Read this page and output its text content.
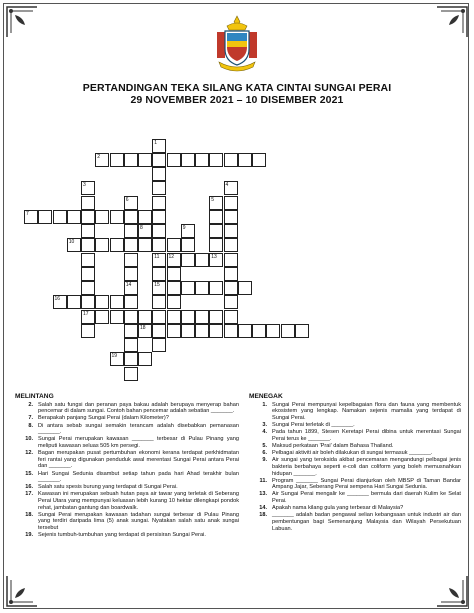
PERTANDINGAN TEKA SILANG KATA CINTAI SUNGAI PERAI
29 NOVEMBER 2021 – 10 DISEMBER 2021
2
7
8
10
11 12	13
14	15
16
17
18
19
1
3	4
5
6
9
MELINTANG
2. Salah satu fungsi dan peranan paya bakau adalah berupaya menyerap bahan pencemar di dalam sungai. Contoh bahan pencemar adalah sebatian _______.
7. Berapakah panjang Sungai Perai (dalam Kilometer)?
8. Di antara sebab sungai semakin terancam adalah disebabkan pemanasan _______.
10. Sungai Perai merupakan kawasan _______ terbesar di Pulau Pinang yang meliputi kawasan seluas 505 km persegi.
12. Bagan merupakan pusat pertumbuhan ekonomi kerana terdapat perkhidmatan feri rantai yang digunakan penduduk awal merentasi Sungai Perai antara Perai dan _______.
15. Hari Sungai Sedunia disambut setiap tahun pada hari Ahad terakhir bulan _______.
16. Salah satu spesis burung yang terdapat di Sungai Perai.
17. Kawasan ini merupakan sebuah hutan paya air tawar yang terletak di Seberang Perai Utara yang mempunyai keluasan lebih kurang 10 hektar dilengkapi pondok rehat, jambatan gantung dan boardwalk.
18. Sungai Perai merupakan kawasan tadahan sungai terbesar di Pulau Pinang yang terdiri daripada lima (5) anak sungai. Nyatakan salah satu anak sungai tersebut
19. Sejenis tumbuh-tumbuhan yang terdapat di persisiran Sungai Perai.
MENEGAK
1. Sungai Perai mempunyai kepelbagaian flora dan fauna yang membentuk ekosistem yang lengkap. Namakan sejenis mamalia yang terdapat di Sungai Perai.
3. Sungai Perai terletak di _______.
4. Pada tahun 1899, Stesen Keretapi Perai dibina untuk merentasi Sungai Perai terus ke _______.
5. Maksud perkataan 'Prai' dalam Bahasa Thailand.
6. Pelbagai aktiviti air boleh dilakukan di sungai termasuk _______.
9. Air sungai yang teroksida akibat pencemaran mengandungi pelbagai jenis bakteria berbahaya seperti e-coli dan coliform yang boleh memusnahkan hidupan _______.
11. Program _______ Sungai Perai dianjurkan oleh MBSP di Taman Bandar Ampang Jajar, Seberang Perai sempena Hari Sungai Sedunia.
13. Air Sungai Perai mengalir ke _______ bermula dari daerah Kulim ke Selat Perai.
14. Apakah nama kilang gula yang terbesar di Malaysia?
18. _______ adalah badan pengawal selian kebangsaan untuk industri air dan pembentungan bagi Semenanjung Malaysia dan Wilayah Persekutuan Labuan.
